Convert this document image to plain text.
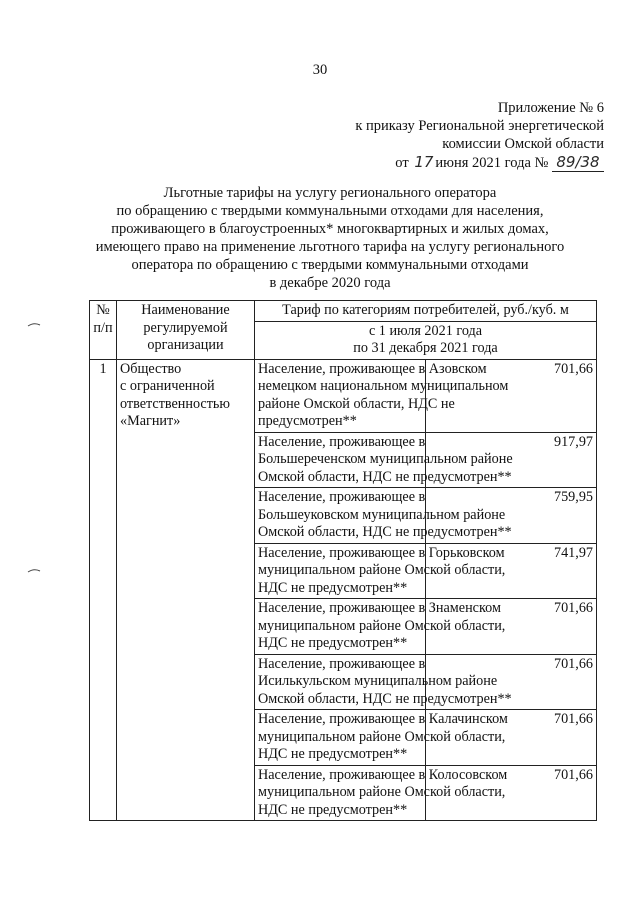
30
Приложение № 6
к приказу Региональной энергетической
комиссии Омской области
от 17 июня 2021 года № 89/38
Льготные тарифы на услугу регионального оператора
по обращению с твердыми коммунальными отходами для населения,
проживающего в благоустроенных* многоквартирных и жилых домах,
имеющего право на применение льготного тарифа на услугу регионального
оператора по обращению с твердыми коммунальными отходами
в декабре 2020 года
№
п/п	Наименование
регулируемой
организации	Тариф по категориям потребителей, руб./куб. м	

		с 1 июля 2021 года
по 31 декабря 2021 года	

1	Общество
с ограниченной
ответственностью
«Магнит»	Население, проживающее в Азовском
немецком национальном муниципальном
районе Омской области, НДС не
предусмотрен**	701,66

		Население, проживающее в
Большереченском муниципальном районе
Омской области, НДС не предусмотрен**	917,97

		Население, проживающее в
Большеуковском муниципальном районе
Омской области, НДС не предусмотрен**	759,95

		Население, проживающее в Горьковском
муниципальном районе Омской области,
НДС не предусмотрен**	741,97

		Население, проживающее в Знаменском
муниципальном районе Омской области,
НДС не предусмотрен**	701,66

		Население, проживающее в
Исилькульском муниципальном районе
Омской области, НДС не предусмотрен**	701,66

		Население, проживающее в Калачинском
муниципальном районе Омской области,
НДС не предусмотрен**	701,66

		Население, проживающее в Колосовском
муниципальном районе Омской области,
НДС не предусмотрен**	701,66
